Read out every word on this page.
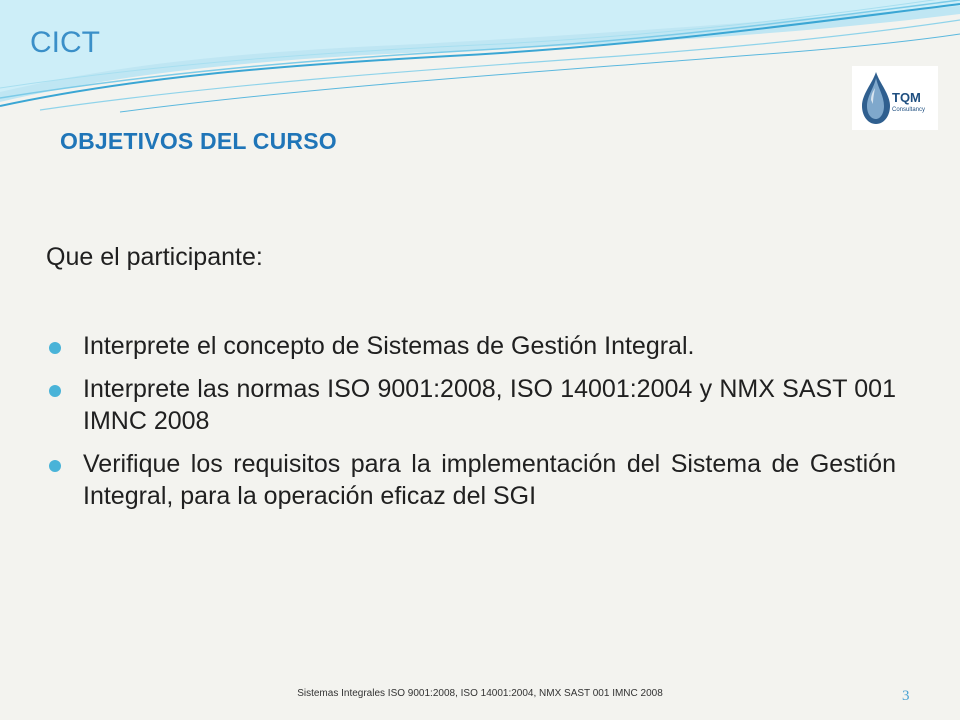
CICT
TQM
Consultancy
OBJETIVOS DEL CURSO

Que el participante:

Interprete el concepto de Sistemas de Gestión Integral.
Interprete las normas ISO 9001:2008, ISO 14001:2004 y NMX SAST 001 IMNC 2008
Verifique los requisitos para la implementación del Sistema de Gestión Integral, para la operación eficaz del SGI
Sistemas Integrales ISO 9001:2008, ISO 14001:2004, NMX SAST 001 IMNC 2008	3
